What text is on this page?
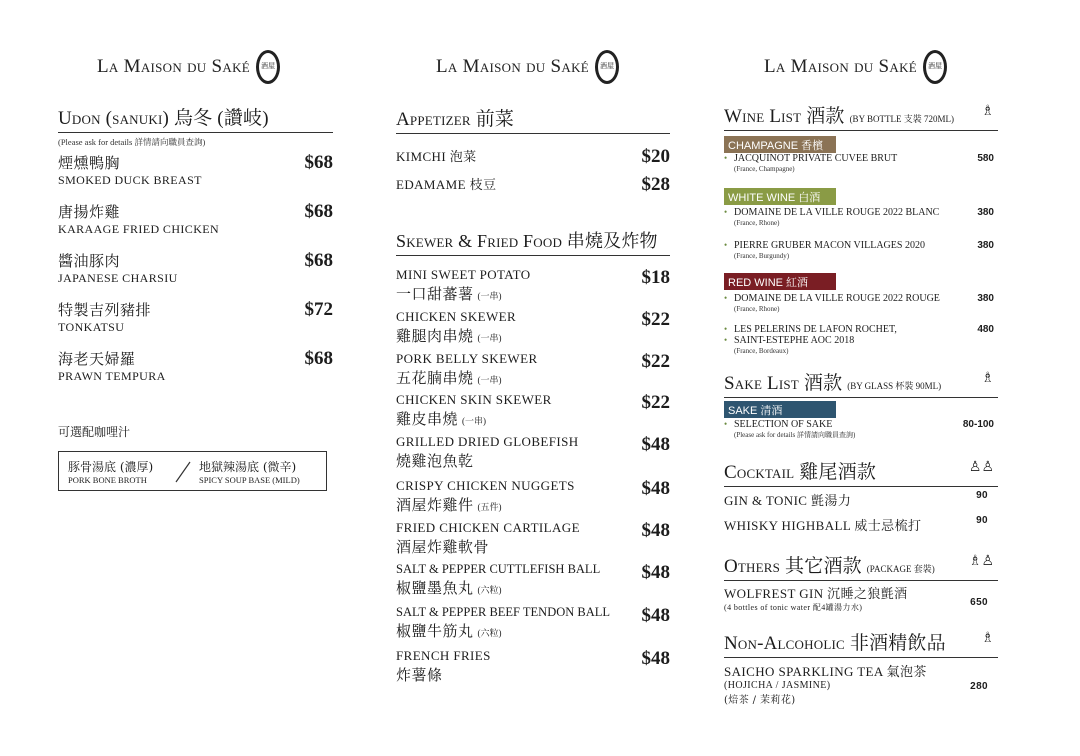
La Maison du Saké 酒屋	La Maison du Saké 酒屋	La Maison du Saké 酒屋
Udon (sanuki) 烏冬 (讚岐)
(Please ask for details 詳情請向職員查詢)
煙燻鴨胸
SMOKED DUCK BREAST
$68
唐揚炸雞
KARAAGE FRIED CHICKEN
$68
醬油豚肉
JAPANESE CHARSIU
$68
特製吉列豬排
TONKATSU
$72
海老天婦羅
PRAWN TEMPURA
$68
可選配咖哩汁
豚骨湯底 (濃厚)
PORK BONE BROTH
地獄辣湯底 (微辛)
SPICY SOUP BASE (MILD)
Appetizer 前菜
KIMCHI 泡菜	$20
EDAMAME 枝豆	$28
Skewer & Fried Food 串燒及炸物
MINI SWEET POTATO
一口甜蕃薯 (一串)
$18
CHICKEN SKEWER
雞腿肉串燒 (一串)
$22
PORK BELLY SKEWER
五花腩串燒 (一串)
$22
CHICKEN SKIN SKEWER
雞皮串燒 (一串)
$22
GRILLED DRIED GLOBEFISH
燒雞泡魚乾
$48
CRISPY CHICKEN NUGGETS
酒屋炸雞件 (五件)
$48
FRIED CHICKEN CARTILAGE
酒屋炸雞軟骨
$48
SALT & PEPPER CUTTLEFISH BALL
椒鹽墨魚丸 (六粒)
$48
SALT & PEPPER BEEF TENDON BALL
椒鹽牛筋丸 (六粒)
$48
FRENCH FRIES
炸薯條
$48
Wine List 酒款 (BY BOTTLE 支裝 720ML)	♗
CHAMPAGNE 香檳
• JACQUINOT PRIVATE CUVEE BRUT
(France, Champagne)
580
WHITE WINE 白酒
• DOMAINE DE LA VILLE ROUGE 2022 BLANC
(France, Rhone)
380
• PIERRE GRUBER MACON VILLAGES 2020
(France, Burgundy)
380
RED WINE 紅酒
• DOMAINE DE LA VILLE ROUGE 2022 ROUGE
(France, Rhone)
380
• LES PELERINS DE LAFON ROCHET,
• SAINT-ESTEPHE AOC 2018
(France, Bordeaux)
480
Sake List 酒款 (BY GLASS 杯裝 90ML)	♗
SAKE 清酒
• SELECTION OF SAKE
(Please ask for details 詳情請向職員查詢)
80-100
Cocktail 雞尾酒款	♙♙
GIN & TONIC 氈湯力	90
WHISKY HIGHBALL 威士忌梳打	90
Others 其它酒款 (PACKAGE 套裝)	♗♙
WOLFREST GIN 沉睡之狼氈酒
(4 bottles of tonic water 配4罐湯力水)	650
Non-Alcoholic 非酒精飲品	♗
SAICHO SPARKLING TEA 氣泡茶
(HOJICHA / JASMINE)
(焙茶 / 茉莉花)
280
